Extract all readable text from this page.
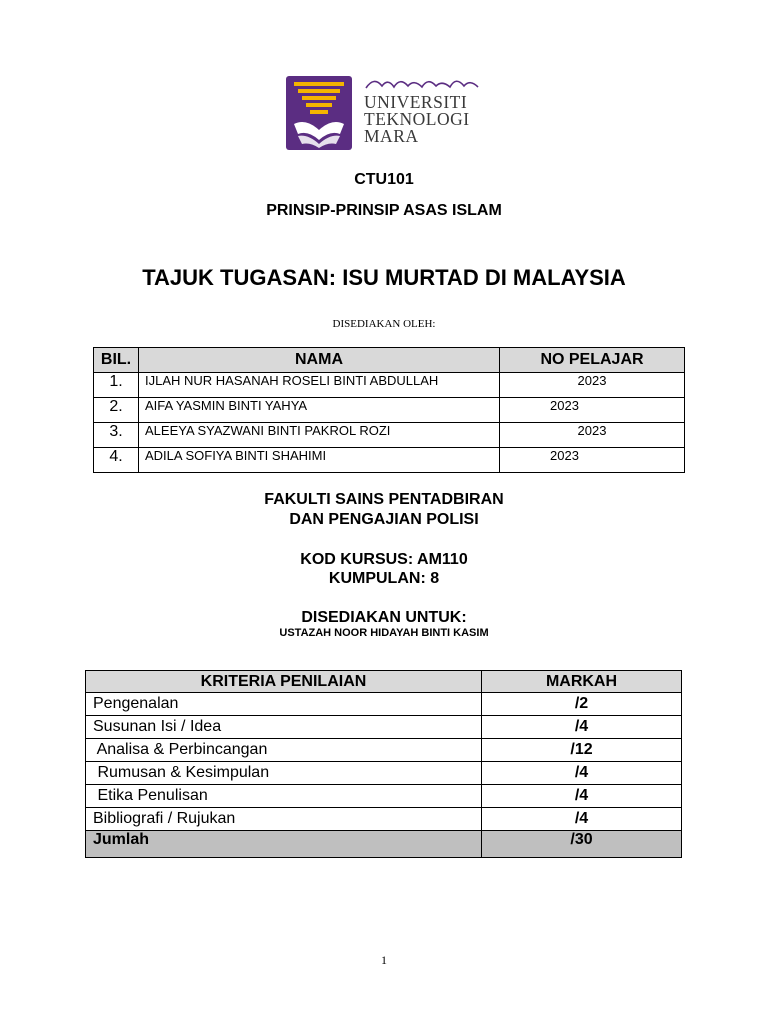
UNIVERSITI
TEKNOLOGI
MARA
CTU101
PRINSIP-PRINSIP ASAS ISLAM
TAJUK TUGASAN: ISU MURTAD DI MALAYSIA
DISEDIAKAN OLEH:
BIL.	NAMA	NO PELAJAR
1.	IJLAH NUR HASANAH ROSELI BINTI ABDULLAH	2023
2.	AIFA YASMIN BINTI YAHYA	2023
3.	ALEEYA SYAZWANI BINTI PAKROL ROZI	2023
4.	ADILA SOFIYA BINTI SHAHIMI	2023
FAKULTI SAINS PENTADBIRAN
DAN PENGAJIAN POLISI
KOD KURSUS: AM110
KUMPULAN: 8
DISEDIAKAN UNTUK:
USTAZAH NOOR HIDAYAH BINTI KASIM
KRITERIA PENILAIAN	MARKAH
Pengenalan	/2
Susunan Isi / Idea	/4
Analisa & Perbincangan	/12
Rumusan & Kesimpulan	/4
Etika Penulisan	/4
Bibliografi / Rujukan	/4
Jumlah	/30
1
